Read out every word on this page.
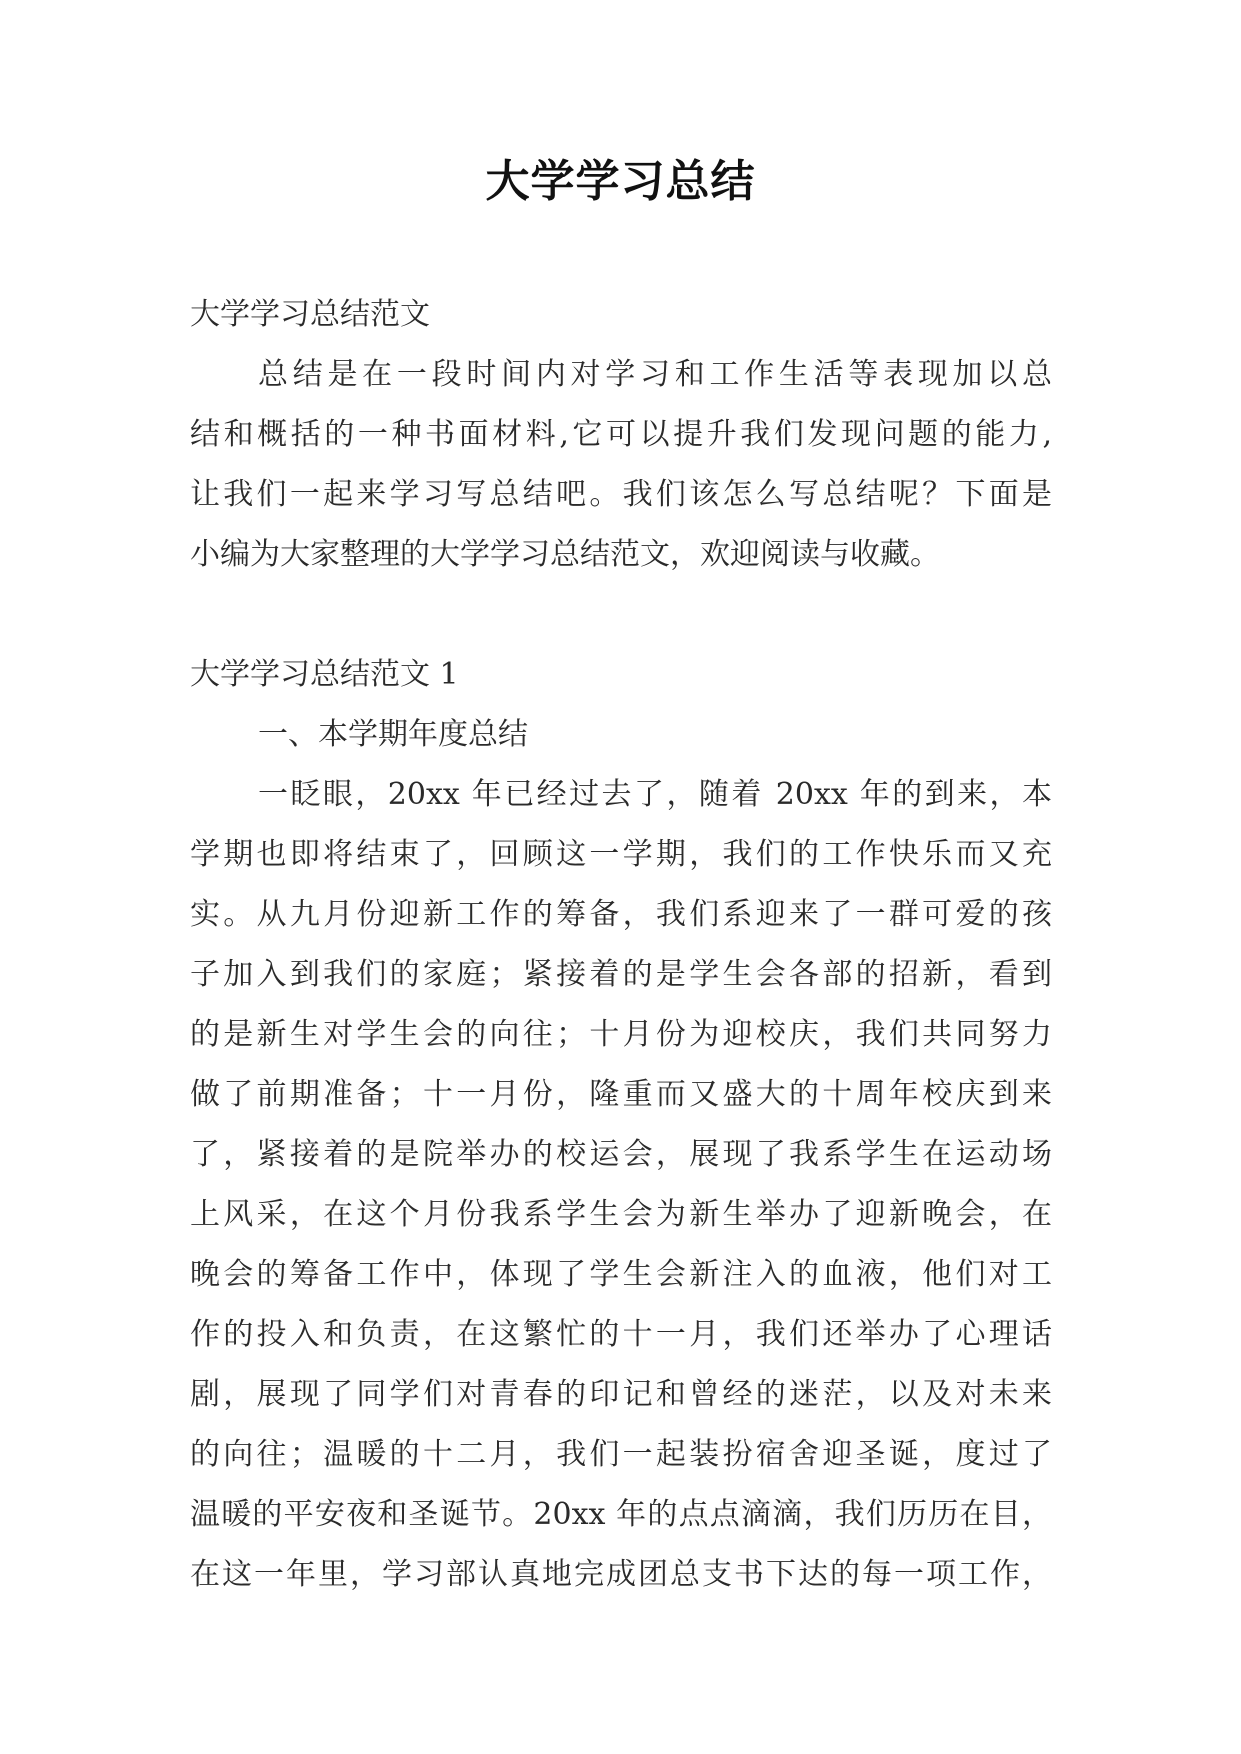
大学学习总结

大学学习总结范文

总结是在一段时间内对学习和工作生活等表现加以总
结和概括的一种书面材料,它可以提升我们发现问题的能力,
让我们一起来学习写总结吧。我们该怎么写总结呢？下面是
小编为大家整理的大学学习总结范文，欢迎阅读与收藏。

大学学习总结范文 1

一、本学期年度总结

一眨眼，20xx 年已经过去了，随着 20xx 年的到来，本
学期也即将结束了，回顾这一学期，我们的工作快乐而又充
实。从九月份迎新工作的筹备，我们系迎来了一群可爱的孩
子加入到我们的家庭；紧接着的是学生会各部的招新，看到
的是新生对学生会的向往；十月份为迎校庆，我们共同努力
做了前期准备；十一月份，隆重而又盛大的十周年校庆到来
了，紧接着的是院举办的校运会，展现了我系学生在运动场
上风采，在这个月份我系学生会为新生举办了迎新晚会，在
晚会的筹备工作中，体现了学生会新注入的血液，他们对工
作的投入和负责，在这繁忙的十一月，我们还举办了心理话
剧，展现了同学们对青春的印记和曾经的迷茫，以及对未来
的向往；温暖的十二月，我们一起装扮宿舍迎圣诞，度过了
温暖的平安夜和圣诞节。20xx 年的点点滴滴，我们历历在目，
在这一年里，学习部认真地完成团总支书下达的每一项工作，
